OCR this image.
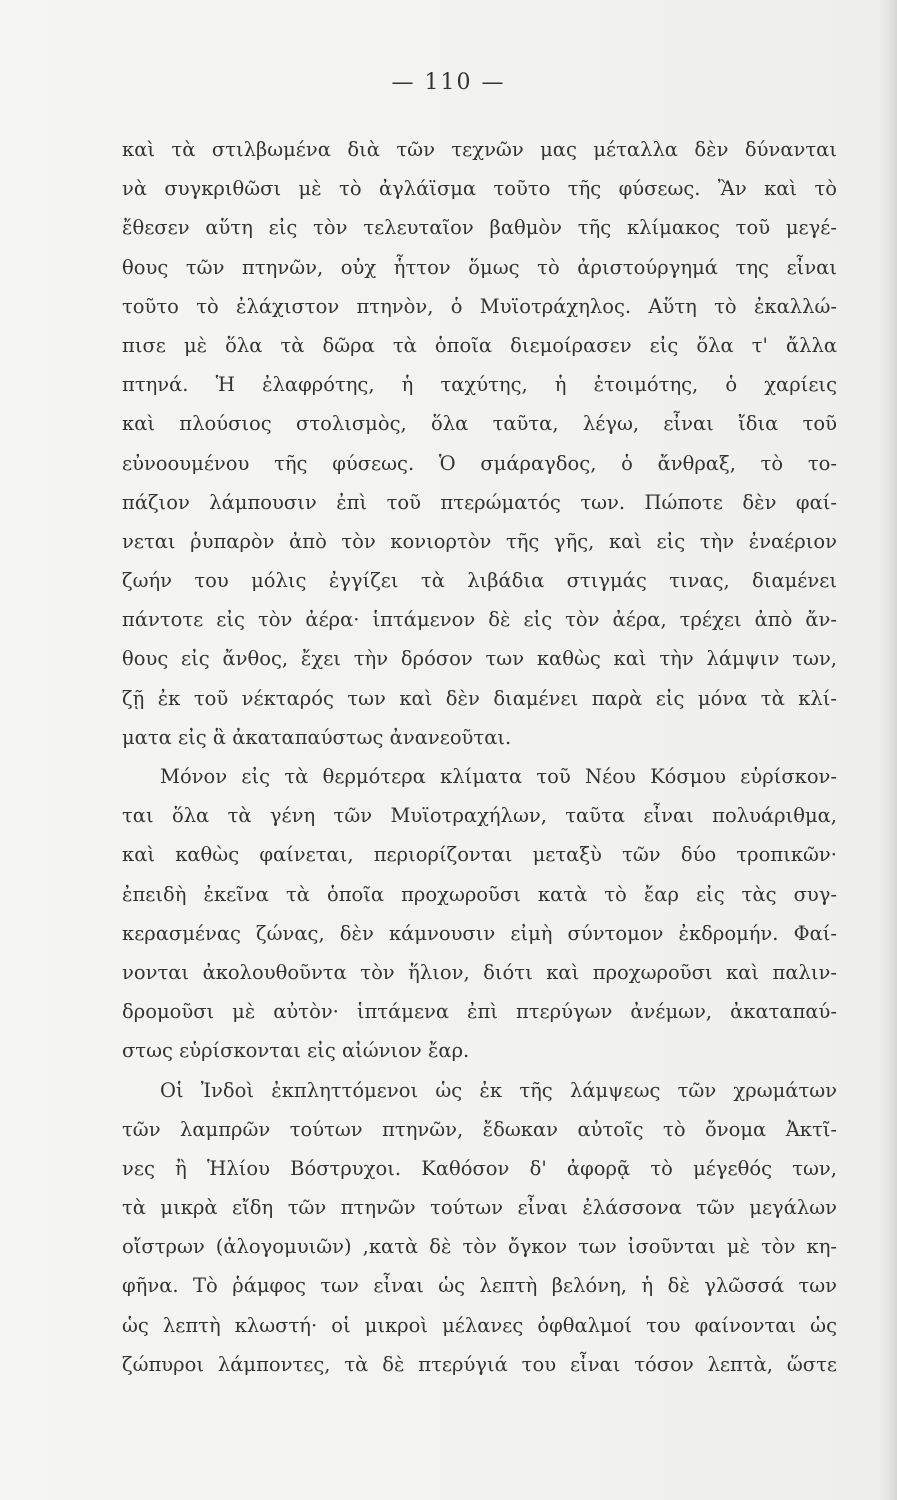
— 110 —
καὶ τὰ στιλβωμένα διὰ τῶν τεχνῶν μας μέταλλα δὲν δύνανται
νὰ συγκριθῶσι μὲ τὸ ἀγλάϊσμα τοῦτο τῆς φύσεως. Ἂν καὶ τὸ
ἔθεσεν αὕτη εἰς τὸν τελευταῖον βαθμὸν τῆς κλίμακος τοῦ μεγέ-
θους τῶν πτηνῶν, οὐχ ἧττον ὅμως τὸ ἀριστούργημά της εἶναι
τοῦτο τὸ ἐλάχιστον πτηνὸν, ὁ Μυϊοτράχηλος. Αὕτη τὸ ἐκαλλώ-
πισε μὲ ὅλα τὰ δῶρα τὰ ὁποῖα διεμοίρασεν εἰς ὅλα τ' ἄλλα
πτηνά. Ἡ ἐλαφρότης, ἡ ταχύτης, ἡ ἑτοιμότης, ὁ χαρίεις
καὶ πλούσιος στολισμὸς, ὅλα ταῦτα, λέγω, εἶναι ἴδια τοῦ
εὐνοουμένου τῆς φύσεως. Ὁ σμάραγδος, ὁ ἄνθραξ, τὸ το-
πάζιον λάμπουσιν ἐπὶ τοῦ πτερώματός των. Πώποτε δὲν φαί-
νεται ῥυπαρὸν ἀπὸ τὸν κονιορτὸν τῆς γῆς, καὶ εἰς τὴν ἐναέριον
ζωήν του μόλις ἐγγίζει τὰ λιβάδια στιγμάς τινας, διαμένει
πάντοτε εἰς τὸν ἀέρα· ἱπτάμενον δὲ εἰς τὸν ἀέρα, τρέχει ἀπὸ ἄν-
θους εἰς ἄνθος, ἔχει τὴν δρόσον των καθὼς καὶ τὴν λάμψιν των,
ζῇ ἐκ τοῦ νέκταρός των καὶ δὲν διαμένει παρὰ εἰς μόνα τὰ κλί-
ματα εἰς ἃ ἀκαταπαύστως ἀνανεοῦται.
Μόνον εἰς τὰ θερμότερα κλίματα τοῦ Νέου Κόσμου εὑρίσκον-
ται ὅλα τὰ γένη τῶν Μυϊοτραχήλων, ταῦτα εἶναι πολυάριθμα,
καὶ καθὼς φαίνεται, περιορίζονται μεταξὺ τῶν δύο τροπικῶν·
ἐπειδὴ ἐκεῖνα τὰ ὁποῖα προχωροῦσι κατὰ τὸ ἔαρ εἰς τὰς συγ-
κερασμένας ζώνας, δὲν κάμνουσιν εἰμὴ σύντομον ἐκδρομήν. Φαί-
νονται ἀκολουθοῦντα τὸν ἥλιον, διότι καὶ προχωροῦσι καὶ παλιν-
δρομοῦσι μὲ αὐτὸν· ἱπτάμενα ἐπὶ πτερύγων ἀνέμων, ἀκαταπαύ-
στως εὑρίσκονται εἰς αἰώνιον ἔαρ.
Οἱ Ἰνδοὶ ἐκπληττόμενοι ὡς ἐκ τῆς λάμψεως τῶν χρωμάτων
τῶν λαμπρῶν τούτων πτηνῶν, ἔδωκαν αὐτοῖς τὸ ὄνομα Ἀκτῖ-
νες ἢ Ἡλίου Βόστρυχοι. Καθόσον δ' ἀφορᾷ τὸ μέγεθός των,
τὰ μικρὰ εἴδη τῶν πτηνῶν τούτων εἶναι ἐλάσσονα τῶν μεγάλων
οἴστρων (ἀλογομυιῶν) ,κατὰ δὲ τὸν ὄγκον των ἰσοῦνται μὲ τὸν κη-
φῆνα. Τὸ ῥάμφος των εἶναι ὡς λεπτὴ βελόνη, ἡ δὲ γλῶσσά των
ὡς λεπτὴ κλωστή· οἱ μικροὶ μέλανες ὀφθαλμοί του φαίνονται ὡς
ζώπυροι λάμποντες, τὰ δὲ πτερύγιά του εἶναι τόσον λεπτὰ, ὥστε
